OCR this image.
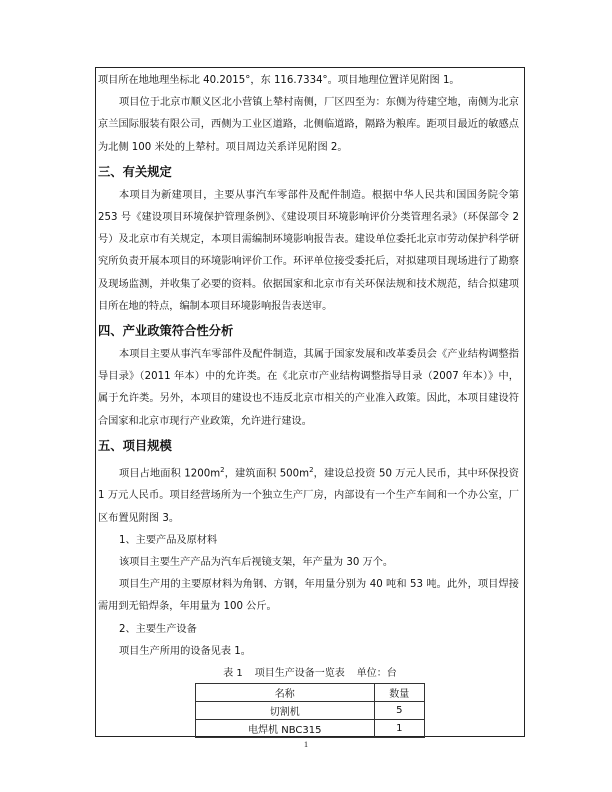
项目所在地地理坐标北 40.2015°，东 116.7334°。项目地理位置详见附图 1。

项目位于北京市顺义区北小营镇上辇村南侧，厂区四至为：东侧为待建空地，南侧为北京京兰国际服装有限公司，西侧为工业区道路，北侧临道路，隔路为粮库。距项目最近的敏感点为北侧 100 米处的上辇村。项目周边关系详见附图 2。

三、有关规定

本项目为新建项目，主要从事汽车零部件及配件制造。根据中华人民共和国国务院令第 253 号《建设项目环境保护管理条例》、《建设项目环境影响评价分类管理名录》（环保部令 2 号）及北京市有关规定，本项目需编制环境影响报告表。建设单位委托北京市劳动保护科学研究所负责开展本项目的环境影响评价工作。环评单位接受委托后，对拟建项目现场进行了勘察及现场监测，并收集了必要的资料。依据国家和北京市有关环保法规和技术规范，结合拟建项目所在地的特点，编制本项目环境影响报告表送审。

四、产业政策符合性分析

本项目主要从事汽车零部件及配件制造，其属于国家发展和改革委员会《产业结构调整指导目录》（2011 年本）中的允许类。在《北京市产业结构调整指导目录（2007 年本）》中，属于允许类。另外，本项目的建设也不违反北京市相关的产业准入政策。因此，本项目建设符合国家和北京市现行产业政策，允许进行建设。

五、项目规模

项目占地面积 $1200m^2$，建筑面积 $500m^2$，建设总投资 50 万元人民币，其中环保投资 1 万元人民币。项目经营场所为一个独立生产厂房，内部设有一个生产车间和一个办公室，厂区布置见附图 3。

1、主要产品及原材料

该项目主要生产产品为汽车后视镜支架，年产量为 30 万个。

项目生产用的主要原材料为角钢、方钢，年用量分别为 40 吨和 53 吨。此外，项目焊接需用到无铅焊条，年用量为 100 公斤。

2、主要生产设备

项目生产所用的设备见表 1。

表 1 项目生产设备一览表 单位：台
名称	数量
切割机	5
电焊机 NBC315	1
1
